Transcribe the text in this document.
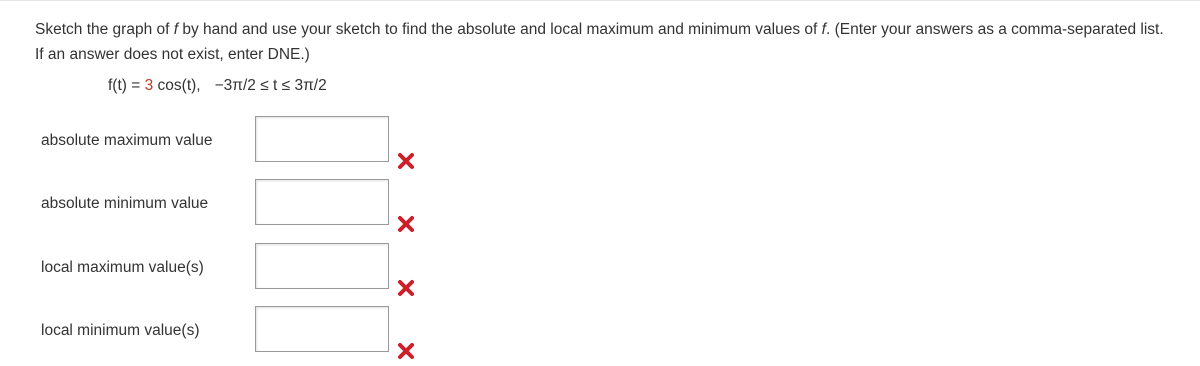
Sketch the graph of f by hand and use your sketch to find the absolute and local maximum and minimum values of f. (Enter your answers as a comma-separated list.
If an answer does not exist, enter DNE.)
f(t) = 3 cos(t), −3π/2 ≤ t ≤ 3π/2
absolute maximum value
absolute minimum value
local maximum value(s)
local minimum value(s)
